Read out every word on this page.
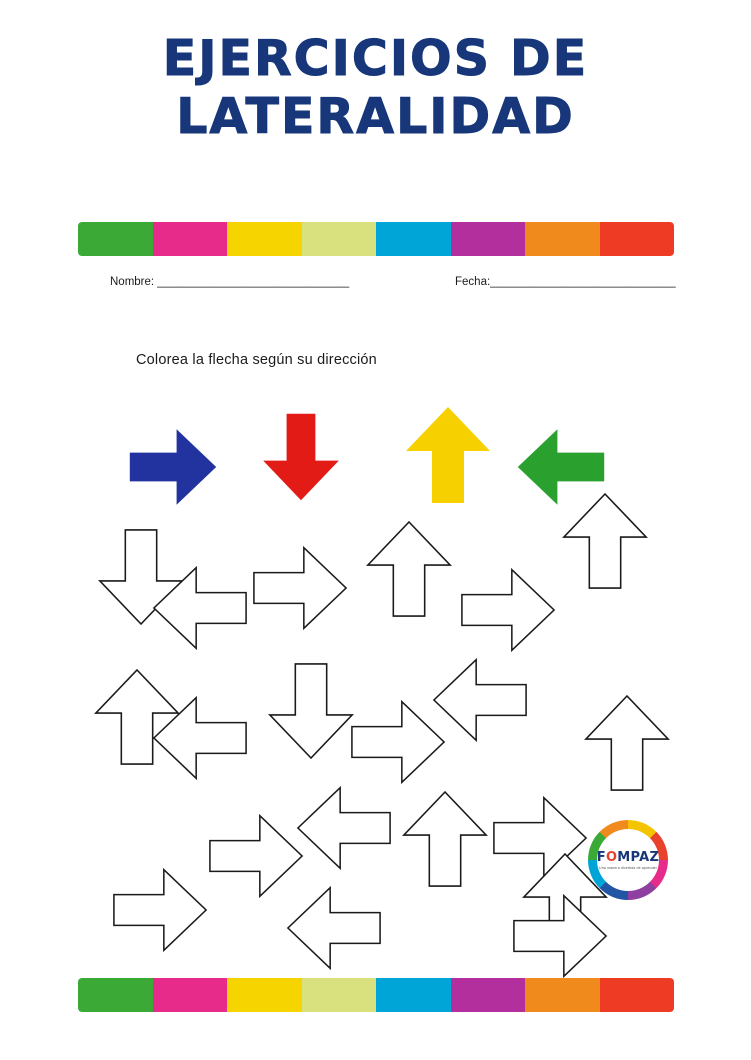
EJERCICIOS DE
LATERALIDAD
Nombre: ______________________________	Fecha:_____________________________
Colorea la flecha según su dirección
FOMPAZ
Una manera divertida de aprender
